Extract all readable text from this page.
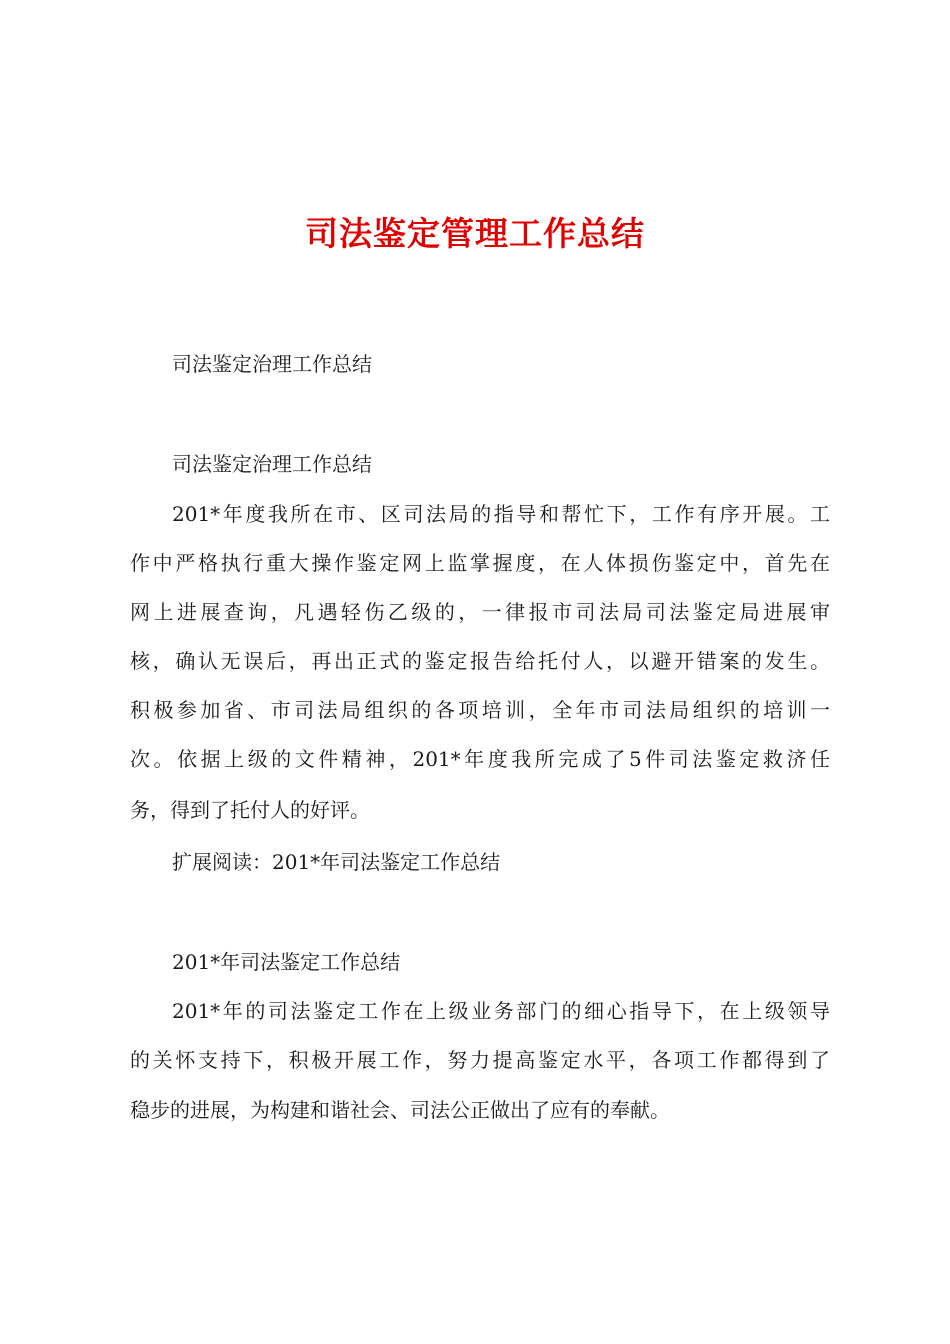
司法鉴定管理工作总结

司法鉴定治理工作总结

司法鉴定治理工作总结

201*年度我所在市、区司法局的指导和帮忙下，工作有序开展。工

作中严格执行重大操作鉴定网上监掌握度，在人体损伤鉴定中，首先在

网上进展查询，凡遇轻伤乙级的，一律报市司法局司法鉴定局进展审

核，确认无误后，再出正式的鉴定报告给托付人，以避开错案的发生。

积极参加省、市司法局组织的各项培训，全年市司法局组织的培训一

次。依据上级的文件精神，201*年度我所完成了5件司法鉴定救济任

务，得到了托付人的好评。

扩展阅读：201*年司法鉴定工作总结

201*年司法鉴定工作总结

201*年的司法鉴定工作在上级业务部门的细心指导下，在上级领导

的关怀支持下，积极开展工作，努力提高鉴定水平，各项工作都得到了

稳步的进展，为构建和谐社会、司法公正做出了应有的奉献。
